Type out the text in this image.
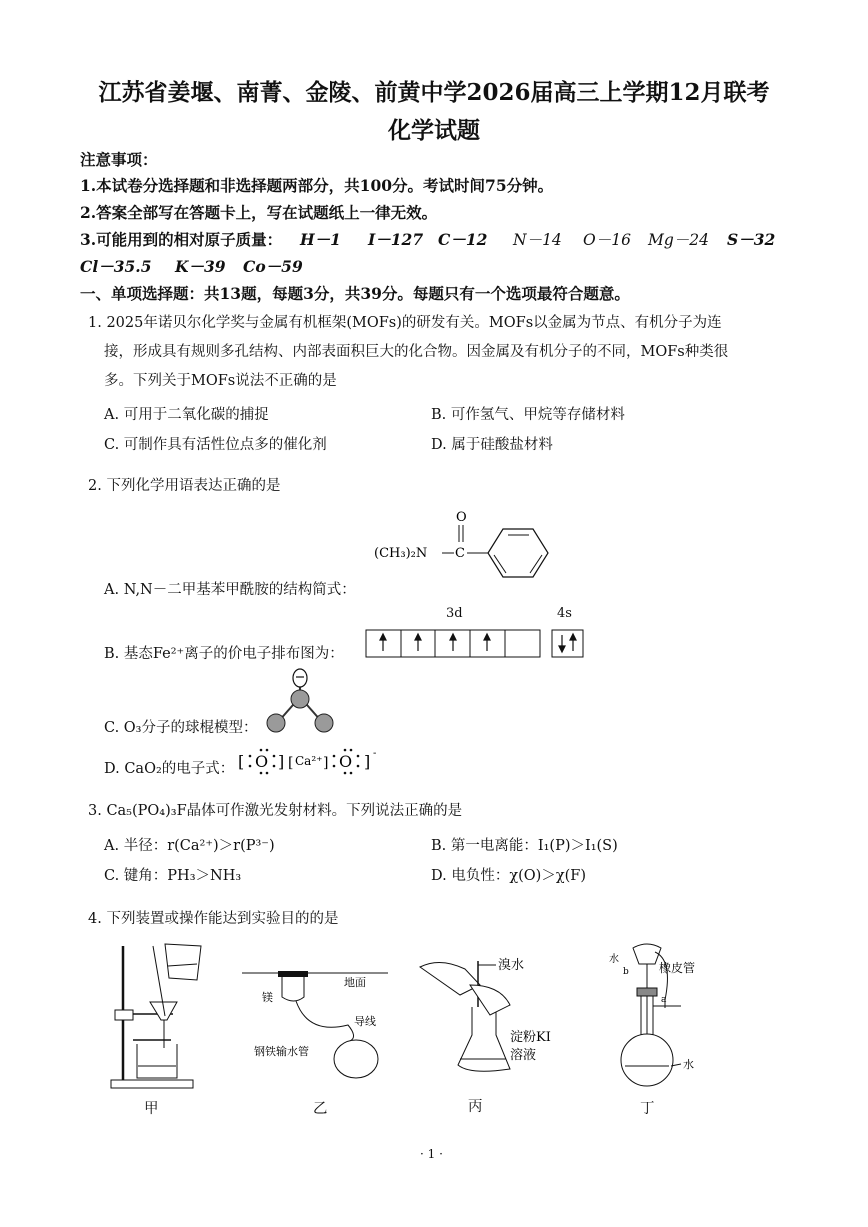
江苏省姜堰、南菁、金陵、前黄中学2026届高三上学期12月联考
化学试题
注意事项：
1.本试卷分选择题和非选择题两部分，共100分。考试时间75分钟。
2.答案全部写在答题卡上，写在试题纸上一律无效。
3.可能用到的相对原子质量： H－1 I－127 C－12 N－14 O－16 Mg－24 S－32
Cl－35.5 K－39 Co－59
一、单项选择题：共13题，每题3分，共39分。每题只有一个选项最符合题意。
1. 2025年诺贝尔化学奖与金属有机框架(MOFs)的研发有关。MOFs以金属为节点、有机分子为连
接，形成具有规则多孔结构、内部表面积巨大的化合物。因金属及有机分子的不同，MOFs种类很
多。下列关于MOFs说法不正确的是
A. 可用于二氧化碳的捕捉	B. 可作氢气、甲烷等存储材料
C. 可制作具有活性位点多的催化剂	D. 属于硅酸盐材料
2. 下列化学用语表达正确的是
O
(CH₃)₂N C
A. N,N－二甲基苯甲酰胺的结构简式：
3d	4s
B. 基态Fe²⁺离子的价电子排布图为：
C. O₃分子的球棍模型：
D. CaO₂的电子式： [ O ] [ Ca²⁺ ] O ] -
3. Ca₅(PO₄)₃F晶体可作激光发射材料。下列说法正确的是
A. 半径：r(Ca²⁺)＞r(P³⁻)	B. 第一电离能：I₁(P)＞I₁(S)
C. 键角：PH₃＞NH₃	D. 电负性：χ(O)＞χ(F)
4. 下列装置或操作能达到实验目的的是
地面
镁
导线
钢铁输水管
溴水
淀粉KI
溶液
水
b	橡皮管
a
水
甲	乙	丙	丁
· 1 ·
